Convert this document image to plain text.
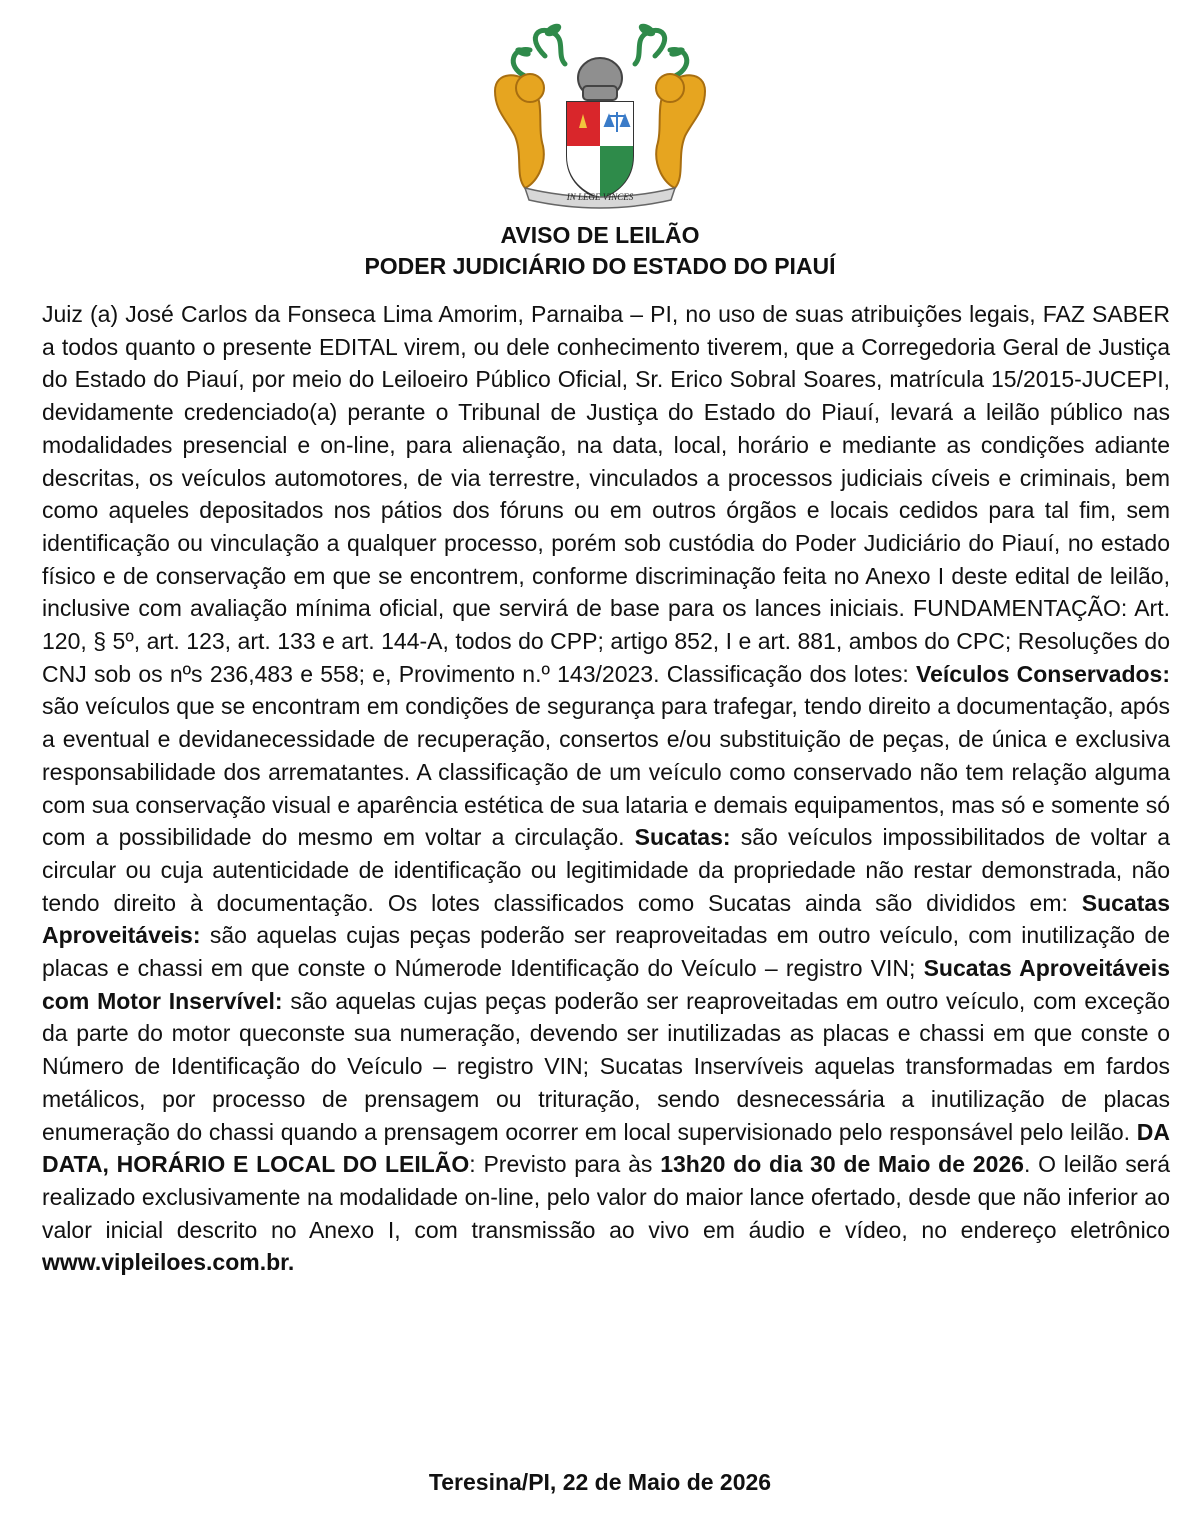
IN LEGE VINCES
AVISO DE LEILÃO
PODER JUDICIÁRIO DO ESTADO DO PIAUÍ
Juiz (a) José Carlos da Fonseca Lima Amorim, Parnaiba – PI, no uso de suas atribuições legais, FAZ SABER a todos quanto o presente EDITAL virem, ou dele conhecimento tiverem, que a Corregedoria Geral de Justiça do Estado do Piauí, por meio do Leiloeiro Público Oficial, Sr. Erico Sobral Soares, matrícula 15/2015-JUCEPI, devidamente credenciado(a) perante o Tribunal de Justiça do Estado do Piauí, levará a leilão público nas modalidades presencial e on-line, para alienação, na data, local, horário e mediante as condições adiante descritas, os veículos automotores, de via terrestre, vinculados a processos judiciais cíveis e criminais, bem como aqueles depositados nos pátios dos fóruns ou em outros órgãos e locais cedidos para tal fim, sem identificação ou vinculação a qualquer processo, porém sob custódia do Poder Judiciário do Piauí, no estado físico e de conservação em que se encontrem, conforme discriminação feita no Anexo I deste edital de leilão, inclusive com avaliação mínima oficial, que servirá de base para os lances iniciais. FUNDAMENTAÇÃO: Art. 120, § 5º, art. 123, art. 133 e art. 144-A, todos do CPP; artigo 852, I e art. 881, ambos do CPC; Resoluções do CNJ sob os nºs 236,483 e 558; e, Provimento n.º 143/2023. Classificação dos lotes: Veículos Conservados: são veículos que se encontram em condições de segurança para trafegar, tendo direito a documentação, após a eventual e devidanecessidade de recuperação, consertos e/ou substituição de peças, de única e exclusiva responsabilidade dos arrematantes. A classificação de um veículo como conservado não tem relação alguma com sua conservação visual e aparência estética de sua lataria e demais equipamentos, mas só e somente só com a possibilidade do mesmo em voltar a circulação. Sucatas: são veículos impossibilitados de voltar a circular ou cuja autenticidade de identificação ou legitimidade da propriedade não restar demonstrada, não tendo direito à documentação. Os lotes classificados como Sucatas ainda são divididos em: Sucatas Aproveitáveis: são aquelas cujas peças poderão ser reaproveitadas em outro veículo, com inutilização de placas e chassi em que conste o Númerode Identificação do Veículo – registro VIN; Sucatas Aproveitáveis com Motor Inservível: são aquelas cujas peças poderão ser reaproveitadas em outro veículo, com exceção da parte do motor queconste sua numeração, devendo ser inutilizadas as placas e chassi em que conste o Número de Identificação do Veículo – registro VIN; Sucatas Inservíveis aquelas transformadas em fardos metálicos, por processo de prensagem ou trituração, sendo desnecessária a inutilização de placas enumeração do chassi quando a prensagem ocorrer em local supervisionado pelo responsável pelo leilão. DA DATA, HORÁRIO E LOCAL DO LEILÃO: Previsto para às 13h20 do dia 30 de Maio de 2026. O leilão será realizado exclusivamente na modalidade on-line, pelo valor do maior lance ofertado, desde que não inferior ao valor inicial descrito no Anexo I, com transmissão ao vivo em áudio e vídeo, no endereço eletrônico www.vipleiloes.com.br.
Teresina/PI, 22 de Maio de 2026
